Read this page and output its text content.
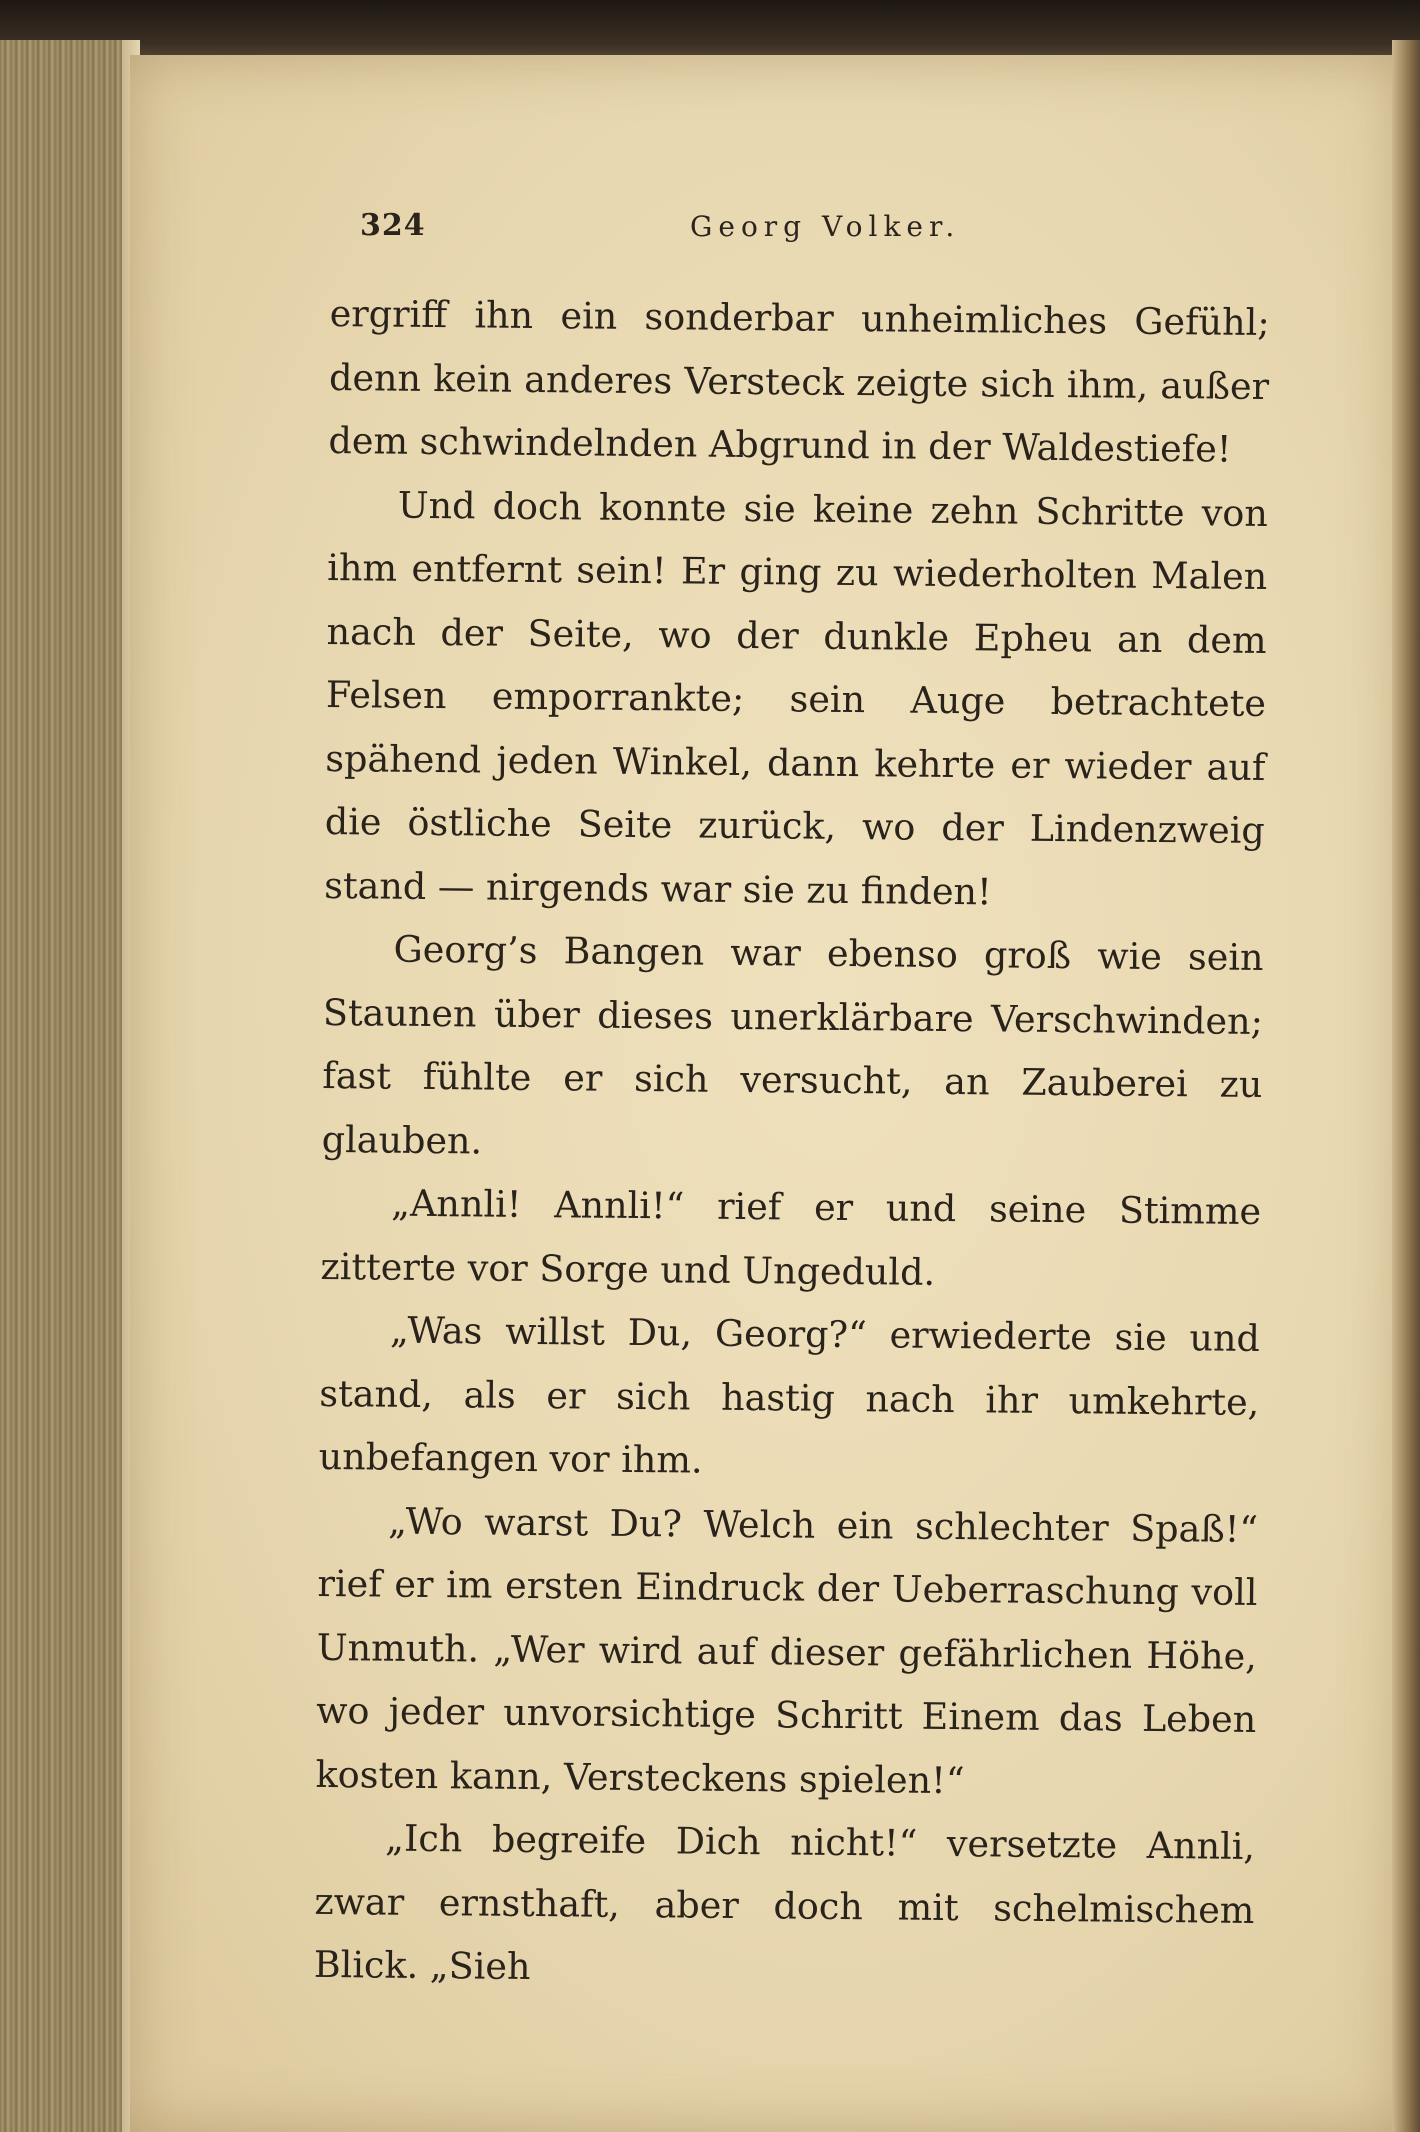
324	Georg Volker.

ergriff ihn ein sonderbar unheimliches Gefühl; denn kein anderes Versteck zeigte sich ihm, außer dem schwindelnden Abgrund in der Waldestiefe!

Und doch konnte sie keine zehn Schritte von ihm entfernt sein! Er ging zu wiederholten Malen nach der Seite, wo der dunkle Epheu an dem Felsen emporrankte; sein Auge betrachtete spähend jeden Winkel, dann kehrte er wieder auf die östliche Seite zurück, wo der Lindenzweig stand — nirgends war sie zu finden!

Georg’s Bangen war ebenso groß wie sein Staunen über dieses unerklärbare Verschwinden; fast fühlte er sich versucht, an Zauberei zu glauben.

„Annli! Annli!“ rief er und seine Stimme zitterte vor Sorge und Ungeduld.

„Was willst Du, Georg?“ erwiederte sie und stand, als er sich hastig nach ihr umkehrte, unbefangen vor ihm.

„Wo warst Du? Welch ein schlechter Spaß!“ rief er im ersten Eindruck der Ueberraschung voll Unmuth. „Wer wird auf dieser gefährlichen Höhe, wo jeder unvorsichtige Schritt Einem das Leben kosten kann, Versteckens spielen!“

„Ich begreife Dich nicht!“ versetzte Annli, zwar ernsthaft, aber doch mit schelmischem Blick. „Sieh
